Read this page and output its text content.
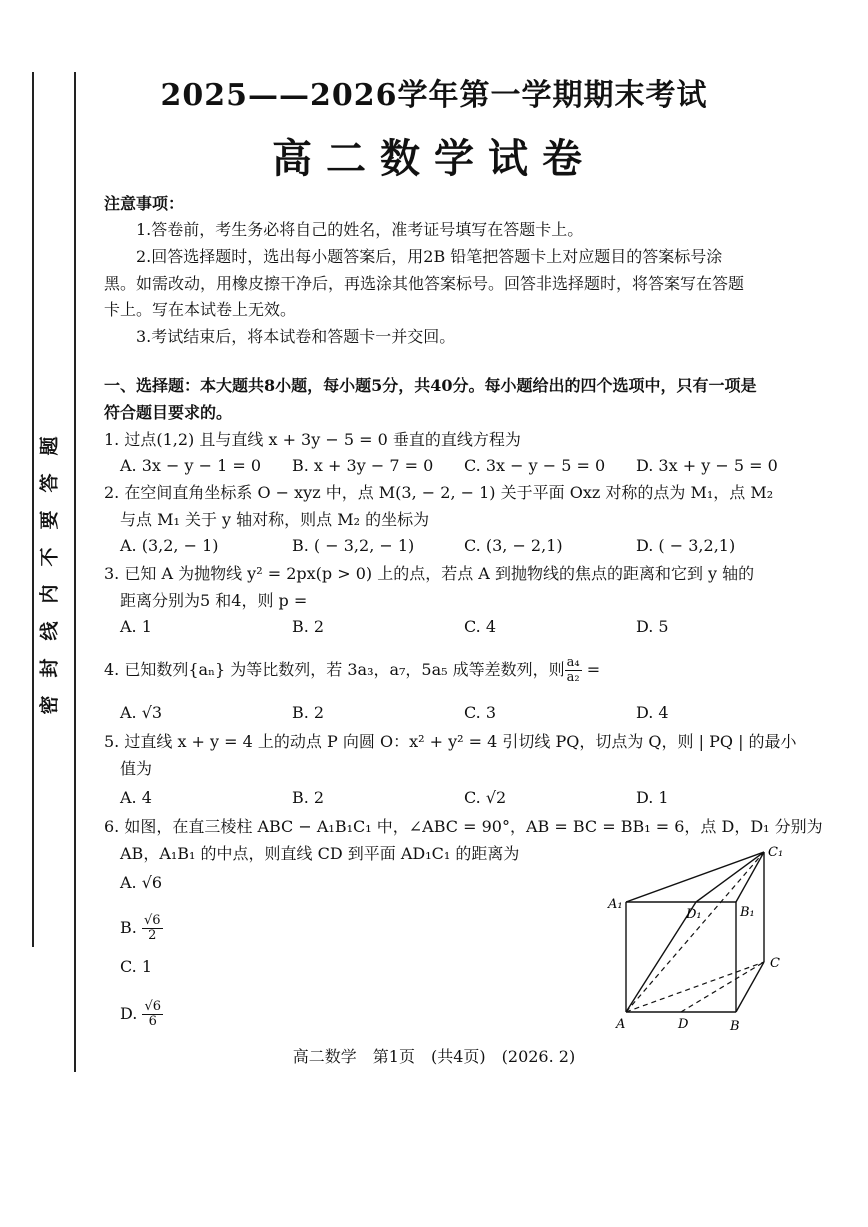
题
答
要
不
内
线
封
密
2025——2026学年第一学期期末考试
高二数学试卷
注意事项：
1.答卷前，考生务必将自己的姓名，准考证号填写在答题卡上。
2.回答选择题时，选出每小题答案后，用2B 铅笔把答题卡上对应题目的答案标号涂
黑。如需改动，用橡皮擦干净后，再选涂其他答案标号。回答非选择题时，将答案写在答题
卡上。写在本试卷上无效。
3.考试结束后，将本试卷和答题卡一并交回。
一、选择题：本大题共8小题，每小题5分，共40分。每小题给出的四个选项中，只有一项是
符合题目要求的。
1. 过点(1,2) 且与直线 x + 3y − 5 = 0 垂直的直线方程为
A. 3x − y − 1 = 0 B. x + 3y − 7 = 0 C. 3x − y − 5 = 0 D. 3x + y − 5 = 0
2. 在空间直角坐标系 O − xyz 中，点 M(3, − 2, − 1) 关于平面 Oxz 对称的点为 M₁，点 M₂
与点 M₁ 关于 y 轴对称，则点 M₂ 的坐标为
A. (3,2, − 1)	B. ( − 3,2, − 1)	C. (3, − 2,1)	D. ( − 3,2,1)
3. 已知 A 为抛物线 y² = 2px(p > 0) 上的点，若点 A 到抛物线的焦点的距离和它到 y 轴的
距离分别为5 和4，则 p =
A. 1	B. 2	C. 4	D. 5
4. 已知数列{aₙ} 为等比数列，若 3a₃，a₇，5a₅ 成等差数列，则 $\frac{\text{a₄}}{\text{a₂}}$ =
A. √3	B. 2	C. 3	D. 4
5. 过直线 x + y = 4 上的动点 P 向圆 O：x² + y² = 4 引切线 PQ，切点为 Q，则 | PQ | 的最小
值为
A. 4	B. 2	C. √2	D. 1
6. 如图，在直三棱柱 ABC − A₁B₁C₁ 中，∠ABC = 90°，AB = BC = BB₁ = 6，点 D，D₁ 分别为
AB，A₁B₁ 的中点，则直线 CD 到平面 AD₁C₁ 的距离为
A. √6
B. $\frac{√6}{2}$
C. 1
D. $\frac{√6}{6}$
C₁
A₁
D₁	B₁
C
A	D	B
高二数学　第1页　(共4页)　(2026. 2)
